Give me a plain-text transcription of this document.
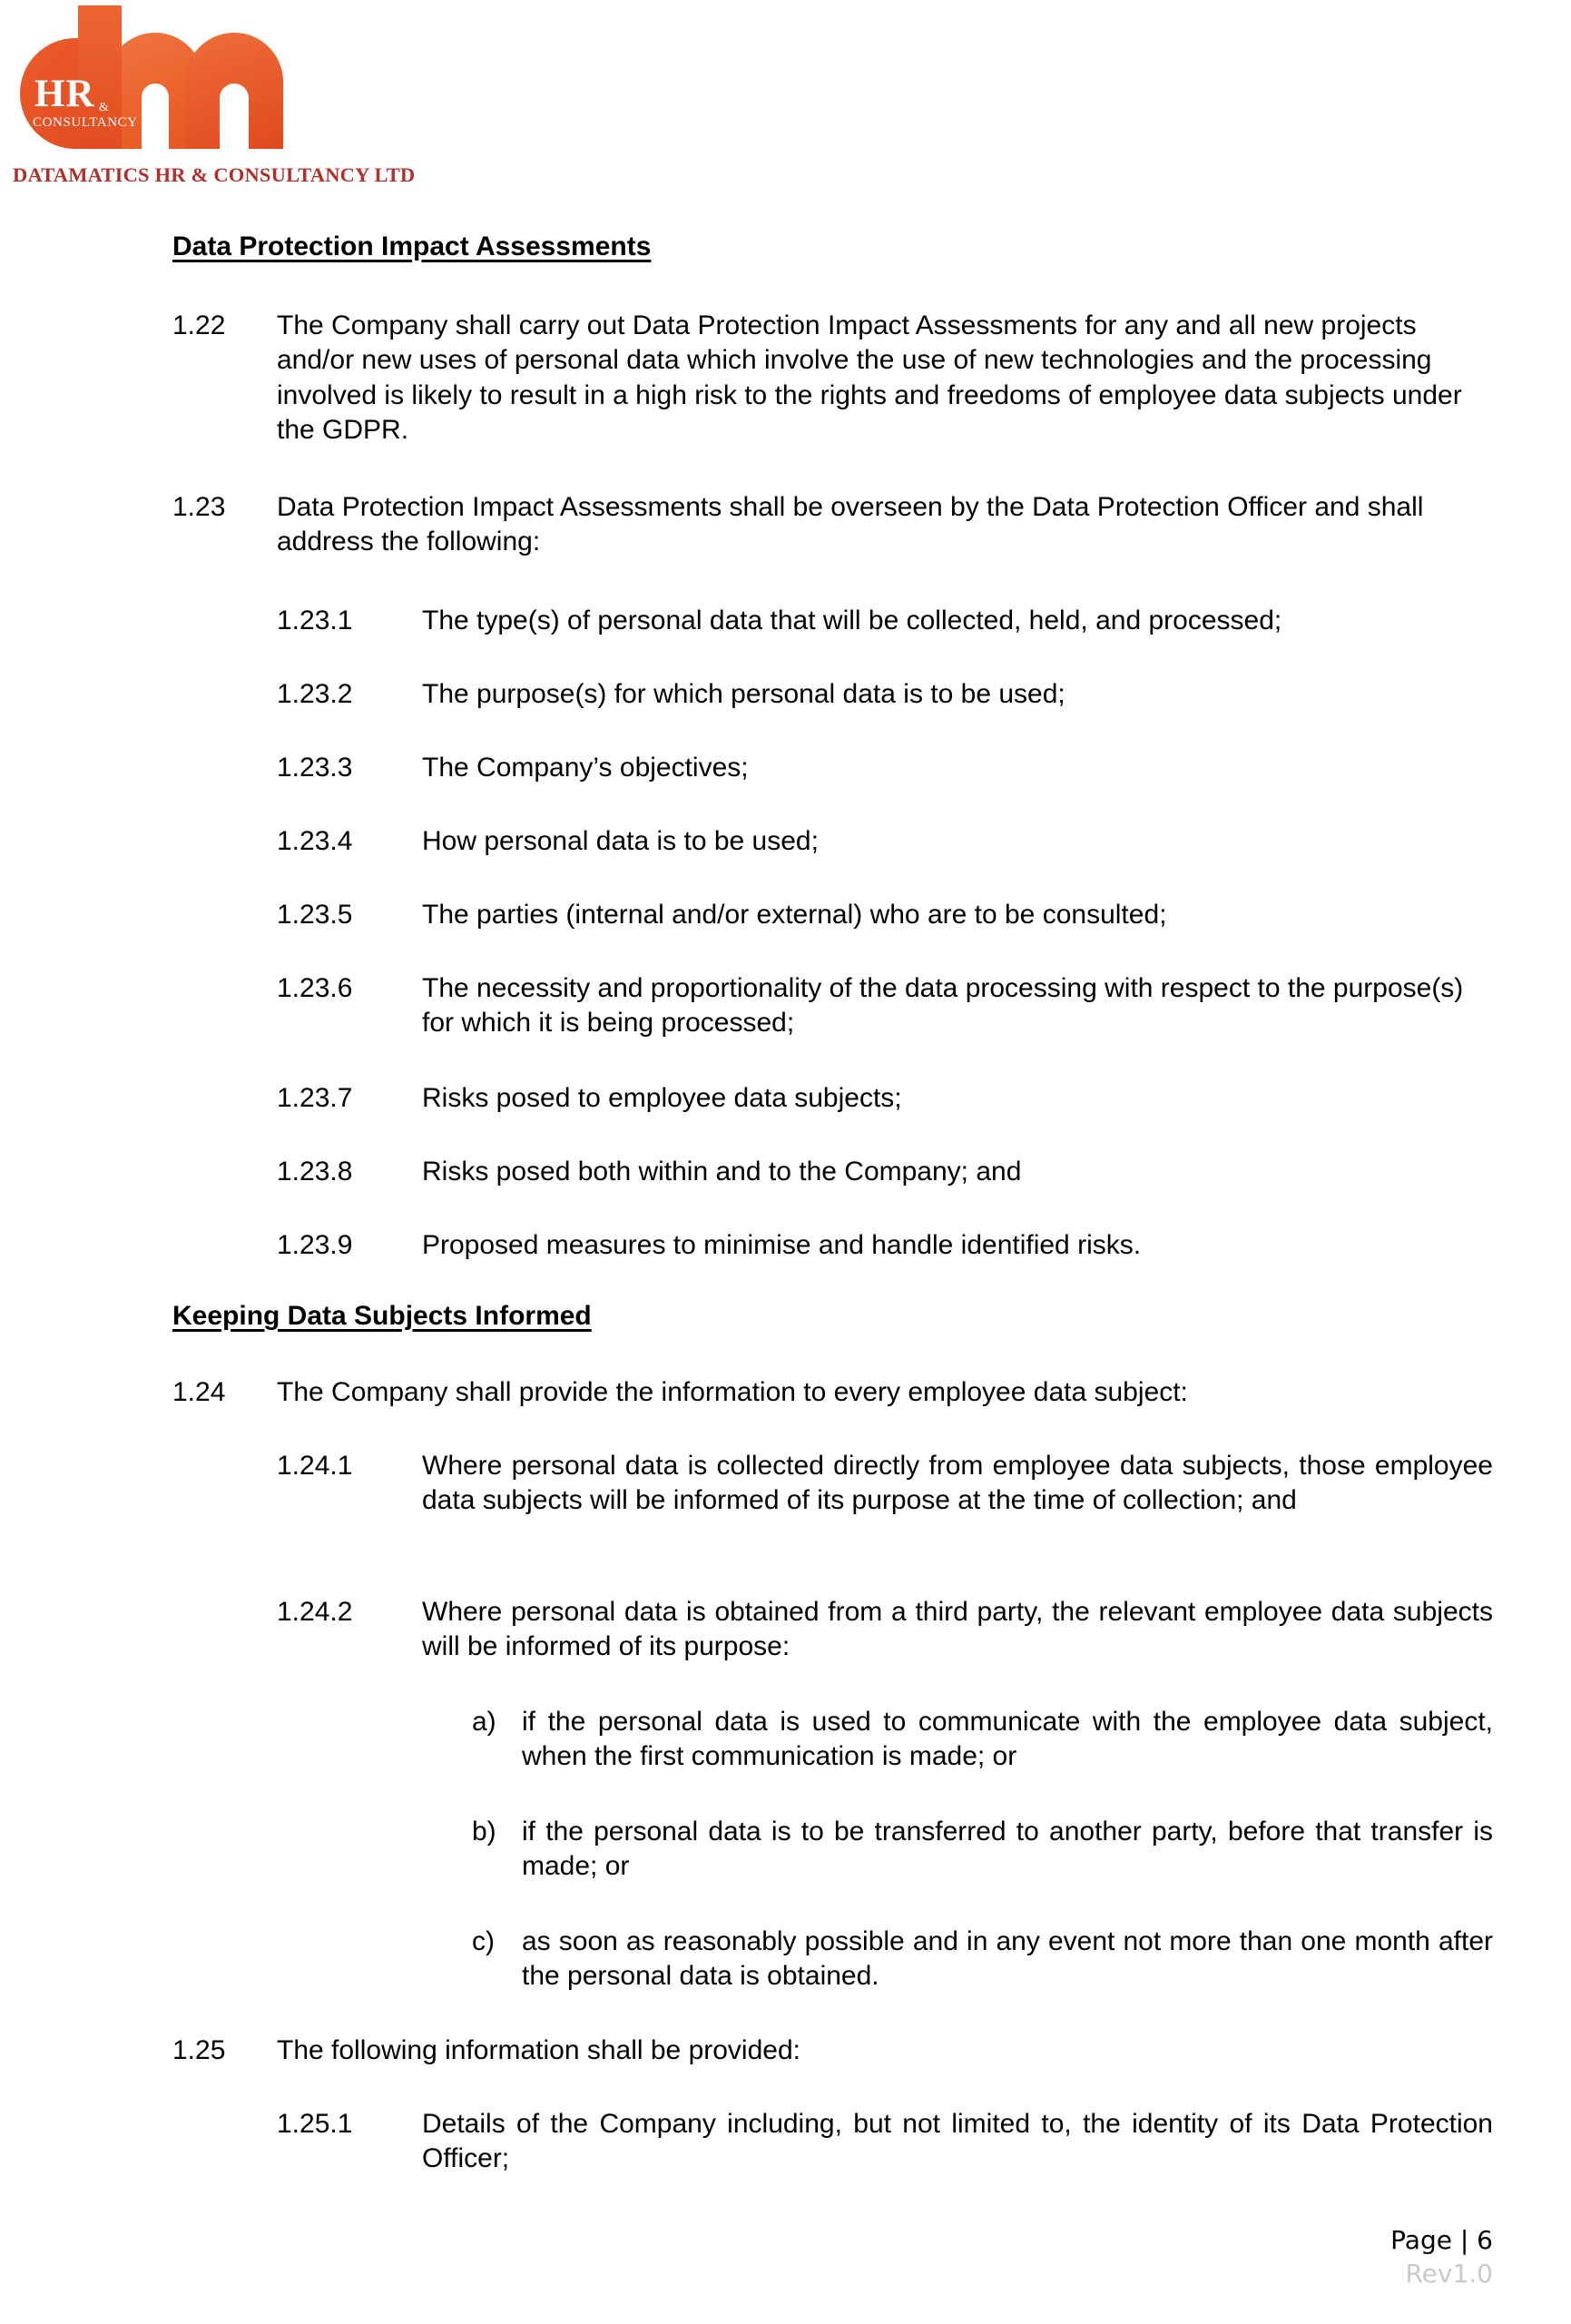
HR &
CONSULTANCY
DATAMATICS HR & CONSULTANCY LTD
Data Protection Impact Assessments
1.22	The Company shall carry out Data Protection Impact Assessments for any and all new projects and/or new uses of personal data which involve the use of new technologies and the processing involved is likely to result in a high risk to the rights and freedoms of employee data subjects under the GDPR.
1.23	Data Protection Impact Assessments shall be overseen by the Data Protection Officer and shall address the following:
1.23.1	The type(s) of personal data that will be collected, held, and processed;
1.23.2	The purpose(s) for which personal data is to be used;
1.23.3	The Company’s objectives;
1.23.4	How personal data is to be used;
1.23.5	The parties (internal and/or external) who are to be consulted;
1.23.6	The necessity and proportionality of the data processing with respect to the purpose(s) for which it is being processed;
1.23.7	Risks posed to employee data subjects;
1.23.8	Risks posed both within and to the Company; and
1.23.9	Proposed measures to minimise and handle identified risks.
Keeping Data Subjects Informed
1.24	The Company shall provide the information to every employee data subject:
1.24.1	Where personal data is collected directly from employee data subjects, those employee data subjects will be informed of its purpose at the time of collection; and
1.24.2	Where personal data is obtained from a third party, the relevant employee data subjects will be informed of its purpose:
a) if the personal data is used to communicate with the employee data subject, when the first communication is made; or
b) if the personal data is to be transferred to another party, before that transfer is made; or
c)	as soon as reasonably possible and in any event not more than one month after the personal data is obtained.
1.25	The following information shall be provided:
1.25.1	Details of the Company including, but not limited to, the identity of its Data Protection Officer;
Page | 6
Rev1.0
